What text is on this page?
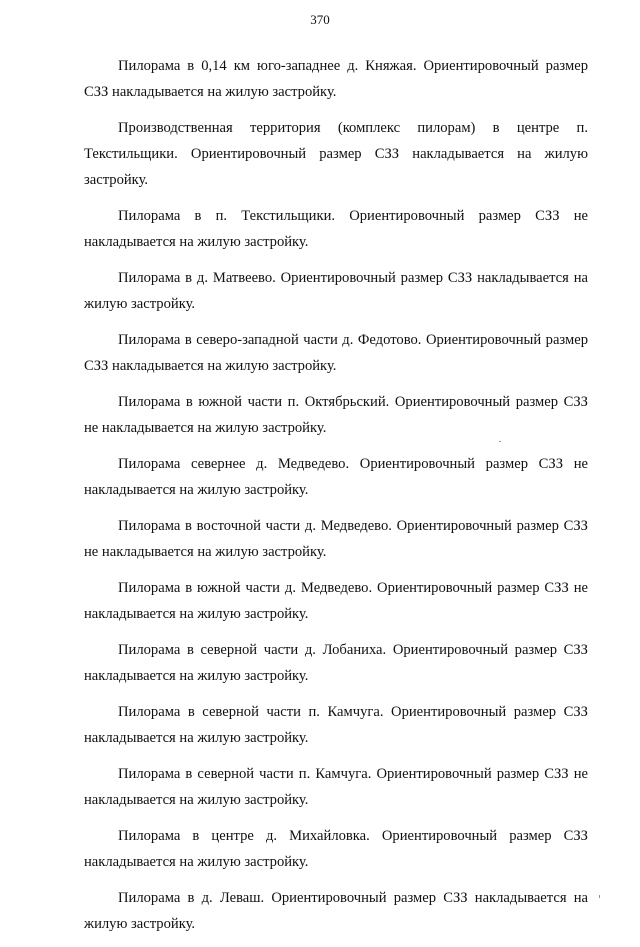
370

Пилорама в 0,14 км юго-западнее д. Княжая. Ориентировочный размер СЗЗ накладывается на жилую застройку.

Производственная территория (комплекс пилорам) в центре п. Текстильщики. Ориентировочный размер СЗЗ накладывается на жилую застройку.

Пилорама в п. Текстильщики. Ориентировочный размер СЗЗ не накладывается на жилую застройку.

Пилорама в д. Матвеево. Ориентировочный размер СЗЗ накладывается на жилую застройку.

Пилорама в северо-западной части д. Федотово. Ориентировочный размер СЗЗ накладывается на жилую застройку.

Пилорама в южной части п. Октябрьский. Ориентировочный размер СЗЗ не накладывается на жилую застройку.

Пилорама севернее д. Медведево. Ориентировочный размер СЗЗ не накладывается на жилую застройку.

Пилорама в восточной части д. Медведево. Ориентировочный размер СЗЗ не накладывается на жилую застройку.

Пилорама в южной части д. Медведево. Ориентировочный размер СЗЗ не накладывается на жилую застройку.

Пилорама в северной части д. Лобаниха. Ориентировочный размер СЗЗ накладывается на жилую застройку.

Пилорама в северной части п. Камчуга. Ориентировочный размер СЗЗ накладывается на жилую застройку.

Пилорама в северной части п. Камчуга. Ориентировочный размер СЗЗ не накладывается на жилую застройку.

Пилорама в центре д. Михайловка. Ориентировочный размер СЗЗ накладывается на жилую застройку.

Пилорама в д. Леваш. Ориентировочный размер СЗЗ накладывается на жилую застройку.
